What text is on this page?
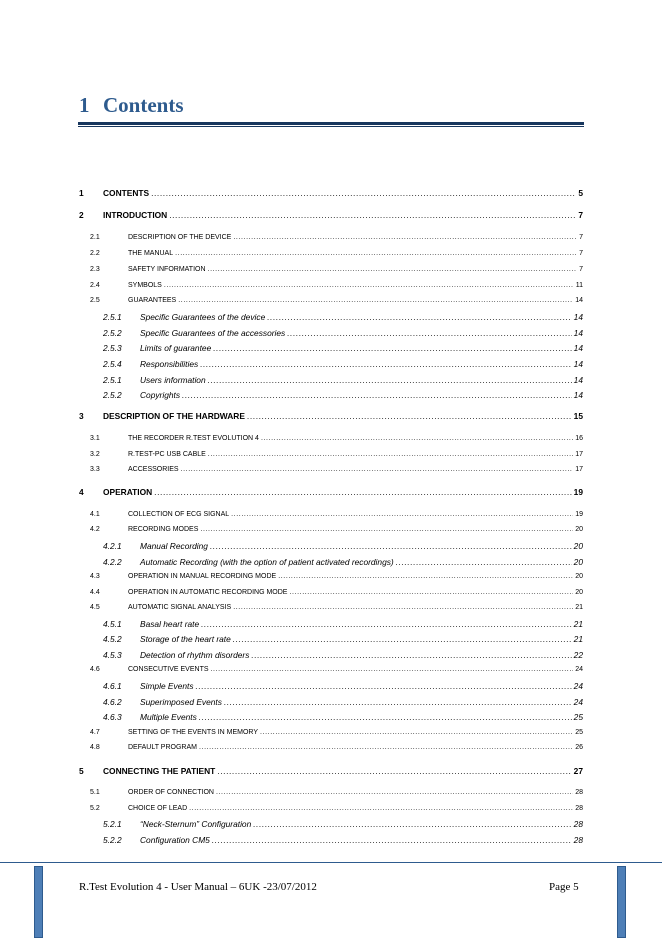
1 Contents
1	CONTENTS .....	5
2	INTRODUCTION .....	7
2.1	DESCRIPTION OF THE DEVICE .....	7
2.2	THE MANUAL .....	7
2.3	SAFETY INFORMATION .....	7
2.4	SYMBOLS .....	11
2.5	GUARANTEES .....	14
2.5.1	Specific Guarantees of the device .....	14
2.5.2	Specific Guarantees of the accessories .....	14
2.5.3	Limits of guarantee .....	14
2.5.4	Responsibilities .....	14
2.5.1	Users information .....	14
2.5.2	Copyrights .....	14
3	DESCRIPTION OF THE HARDWARE .....	15
3.1	THE RECORDER R.TEST EVOLUTION 4 .....	16
3.2	R.TEST-PC USB CABLE .....	17
3.3	ACCESSORIES .....	17
4	OPERATION .....	19
4.1	COLLECTION OF ECG SIGNAL .....	19
4.2	RECORDING MODES .....	20
4.2.1	Manual Recording .....	20
4.2.2	Automatic Recording (with the option of patient activated recordings) .....	20
4.3	OPERATION IN MANUAL RECORDING MODE .....	20
4.4	OPERATION IN AUTOMATIC RECORDING MODE .....	20
4.5	AUTOMATIC SIGNAL ANALYSIS .....	21
4.5.1	Basal heart rate .....	21
4.5.2	Storage of the heart rate .....	21
4.5.3	Detection of rhythm disorders .....	22
4.6	CONSECUTIVE EVENTS .....	24
4.6.1	Simple Events .....	24
4.6.2	Superimposed Events .....	24
4.6.3	Multiple Events .....	25
4.7	SETTING OF THE EVENTS IN MEMORY .....	25
4.8	DEFAULT PROGRAM .....	26
5	CONNECTING THE PATIENT .....	27
5.1	ORDER OF CONNECTION .....	28
5.2	CHOICE OF LEAD .....	28
5.2.1	“Neck-Sternum” Configuration .....	28
5.2.2	Configuration CM5 .....	28
R.Test Evolution 4 - User Manual – 6UK -23/07/2012	Page 5
